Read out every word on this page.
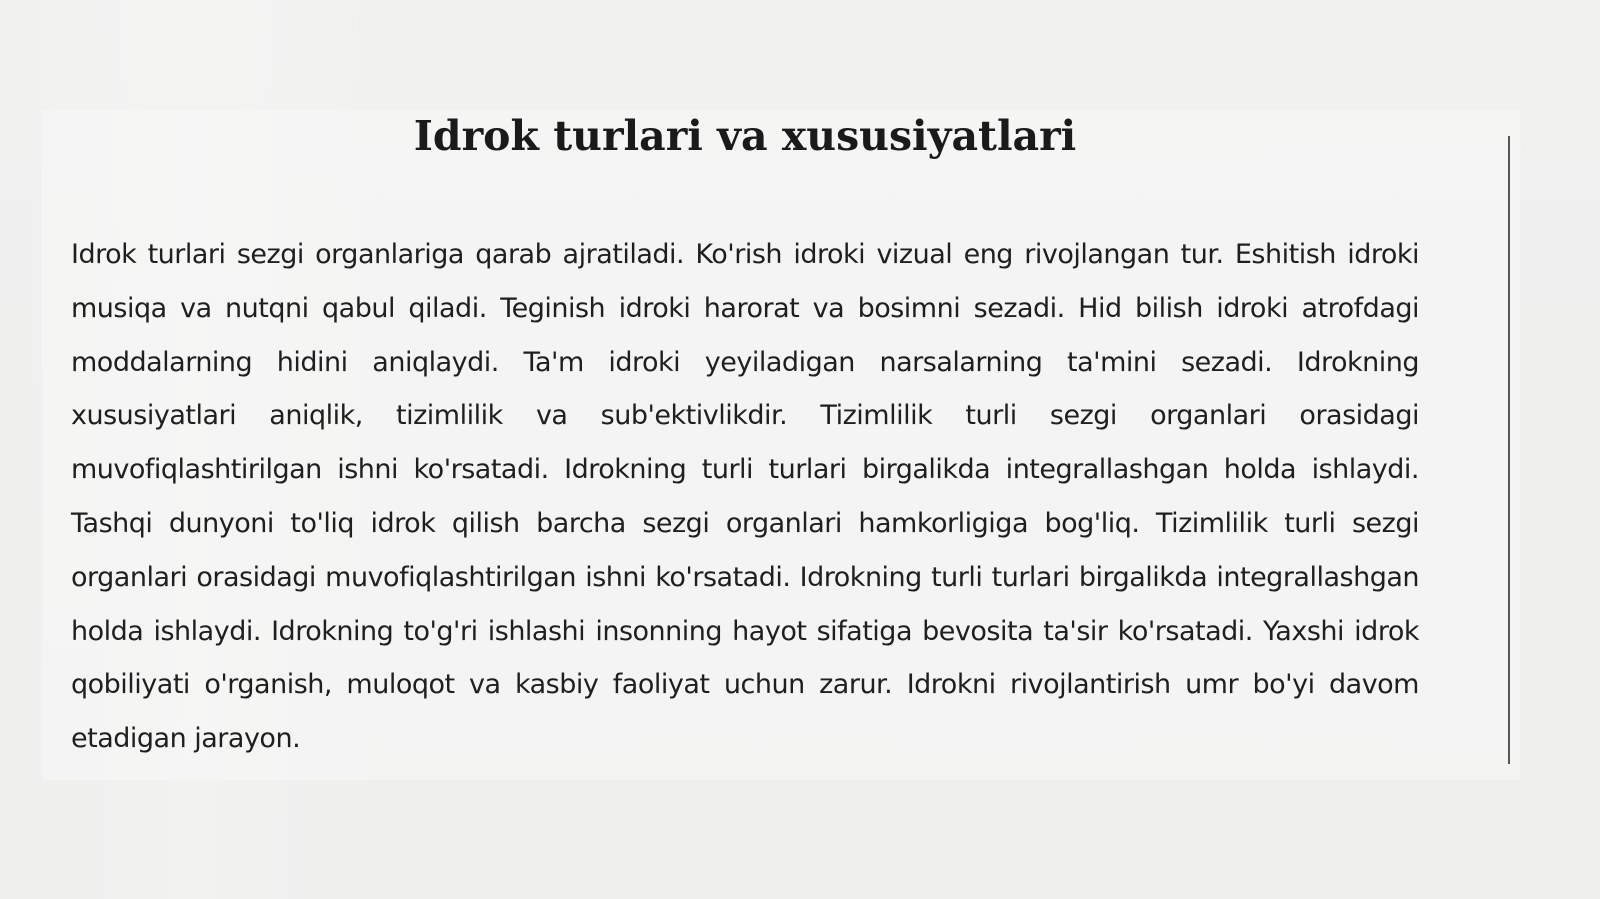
Idrok turlari va xususiyatlari

Idrok turlari sezgi organlariga qarab ajratiladi. Ko'rish idroki vizual eng rivojlangan tur. Eshitish idroki musiqa va nutqni qabul qiladi. Teginish idroki harorat va bosimni sezadi. Hid bilish idroki atrofdagi moddalarning hidini aniqlaydi. Ta'm idroki yeyiladigan narsalarning ta'mini sezadi. Idrokning xususiyatlari aniqlik, tizimlilik va sub'ektivlikdir. Tizimlilik turli sezgi organlari orasidagi muvofiqlashtirilgan ishni ko'rsatadi. Idrokning turli turlari birgalikda integrallashgan holda ishlaydi. Tashqi dunyoni to'liq idrok qilish barcha sezgi organlari hamkorligiga bog'liq. Tizimlilik turli sezgi organlari orasidagi muvofiqlashtirilgan ishni ko'rsatadi. Idrokning turli turlari birgalikda integrallashgan holda ishlaydi. Idrokning to'g'ri ishlashi insonning hayot sifatiga bevosita ta'sir ko'rsatadi. Yaxshi idrok qobiliyati o'rganish, muloqot va kasbiy faoliyat uchun zarur. Idrokni rivojlantirish umr bo'yi davom etadigan jarayon.
